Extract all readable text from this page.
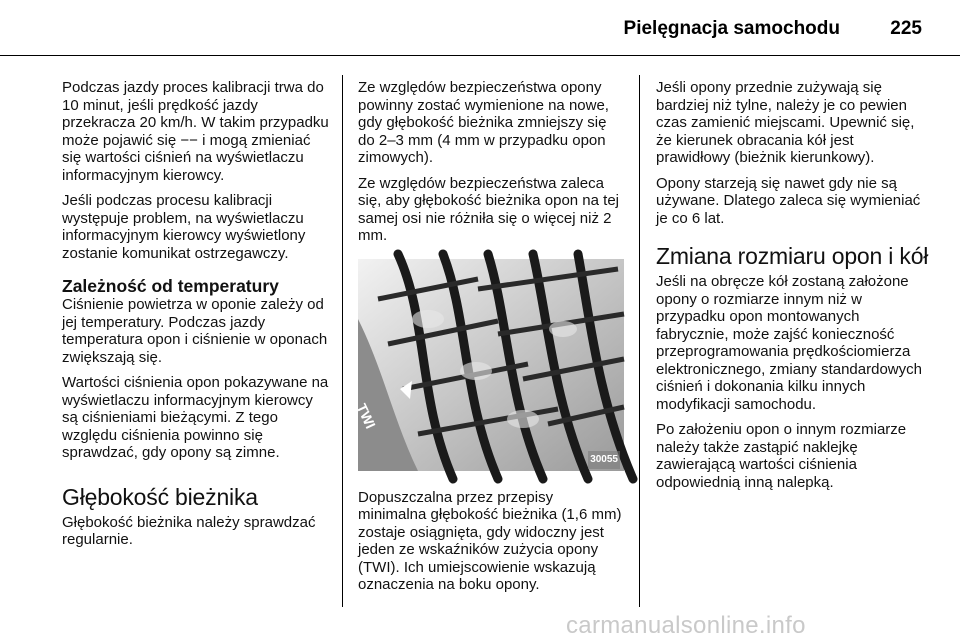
Pielęgnacja samochodu	225

Podczas jazdy proces kalibracji trwa do 10 minut, jeśli prędkość jazdy przekracza 20 km/h. W takim przypadku może pojawić się −− i mogą zmieniać się wartości ciśnień na wyświetlaczu informacyjnym kierowcy.

Jeśli podczas procesu kalibracji występuje problem, na wyświetlaczu informacyjnym kierowcy wyświetlony zostanie komunikat ostrzegawczy.

Zależność od temperatury

Ciśnienie powietrza w oponie zależy od jej temperatury. Podczas jazdy temperatura opon i ciśnienie w oponach zwiększają się.

Wartości ciśnienia opon pokazywane na wyświetlaczu informacyjnym kierowcy są ciśnieniami bieżącymi. Z tego względu ciśnienia powinno się sprawdzać, gdy opony są zimne.

Głębokość bieżnika

Głębokość bieżnika należy sprawdzać regularnie.

Ze względów bezpieczeństwa opony powinny zostać wymienione na nowe, gdy głębokość bieżnika zmniejszy się do 2–3 mm (4 mm w przypadku opon zimowych).

Ze względów bezpieczeństwa zaleca się, aby głębokość bieżnika opon na tej samej osi nie różniła się o więcej niż 2 mm.

TWI
30055

Dopuszczalna przez przepisy minimalna głębokość bieżnika (1,6 mm) zostaje osiągnięta, gdy widoczny jest jeden ze wskaźników zużycia opony (TWI). Ich umiejscowienie wskazują oznaczenia na boku opony.

Jeśli opony przednie zużywają się bardziej niż tylne, należy je co pewien czas zamienić miejscami. Upewnić się, że kierunek obracania kół jest prawidłowy (bieżnik kierunkowy).

Opony starzeją się nawet gdy nie są używane. Dlatego zaleca się wymieniać je co 6 lat.

Zmiana rozmiaru opon i kół

Jeśli na obręcze kół zostaną założone opony o rozmiarze innym niż w przypadku opon montowanych fabrycznie, może zajść konieczność przeprogramowania prędkościomierza elektronicznego, zmiany standardowych ciśnień i dokonania kilku innych modyfikacji samochodu.

Po założeniu opon o innym rozmiarze należy także zastąpić naklejkę zawierającą wartości ciśnienia odpowiednią inną nalepką.

carmanualsonline.info
